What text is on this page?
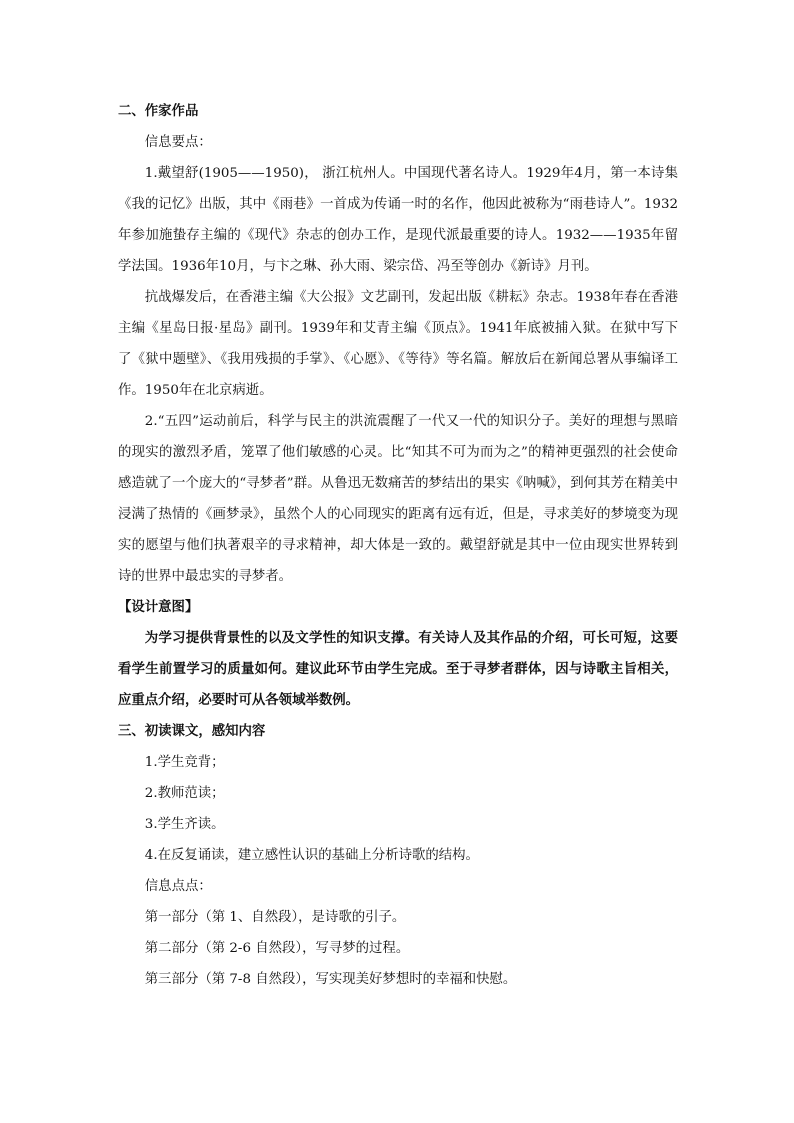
二、作家作品

信息要点：

1.戴望舒(1905——1950)， 浙江杭州人。中国现代著名诗人。1929年4月，第一本诗集《我的记忆》出版，其中《雨巷》一首成为传诵一时的名作，他因此被称为“雨巷诗人”。1932年参加施蛰存主编的《现代》杂志的创办工作，是现代派最重要的诗人。1932——1935年留学法国。1936年10月，与卞之琳、孙大雨、梁宗岱、冯至等创办《新诗》月刊。

抗战爆发后，在香港主编《大公报》文艺副刊，发起出版《耕耘》杂志。1938年春在香港主编《星岛日报·星岛》副刊。1939年和艾青主编《顶点》。1941年底被捕入狱。在狱中写下了《狱中题壁》、《我用残损的手掌》、《心愿》、《等待》等名篇。解放后在新闻总署从事编译工作。1950年在北京病逝。

2.“五四”运动前后，科学与民主的洪流震醒了一代又一代的知识分子。美好的理想与黑暗的现实的激烈矛盾，笼罩了他们敏感的心灵。比“知其不可为而为之”的精神更强烈的社会使命感造就了一个庞大的“寻梦者”群。从鲁迅无数痛苦的梦结出的果实《呐喊》，到何其芳在精美中浸满了热情的《画梦录》，虽然个人的心同现实的距离有远有近，但是，寻求美好的梦境变为现实的愿望与他们执著艰辛的寻求精神，却大体是一致的。戴望舒就是其中一位由现实世界转到诗的世界中最忠实的寻梦者。

【设计意图】

为学习提供背景性的以及文学性的知识支撑。有关诗人及其作品的介绍，可长可短，这要看学生前置学习的质量如何。建议此环节由学生完成。至于寻梦者群体，因与诗歌主旨相关，应重点介绍，必要时可从各领域举数例。

三、初读课文，感知内容

1.学生竞背；

2.教师范读；

3.学生齐读。

4.在反复诵读，建立感性认识的基础上分析诗歌的结构。

信息点点：

第一部分（第 1、自然段），是诗歌的引子。

第二部分（第 2-6 自然段），写寻梦的过程。

第三部分（第 7-8 自然段），写实现美好梦想时的幸福和快慰。
